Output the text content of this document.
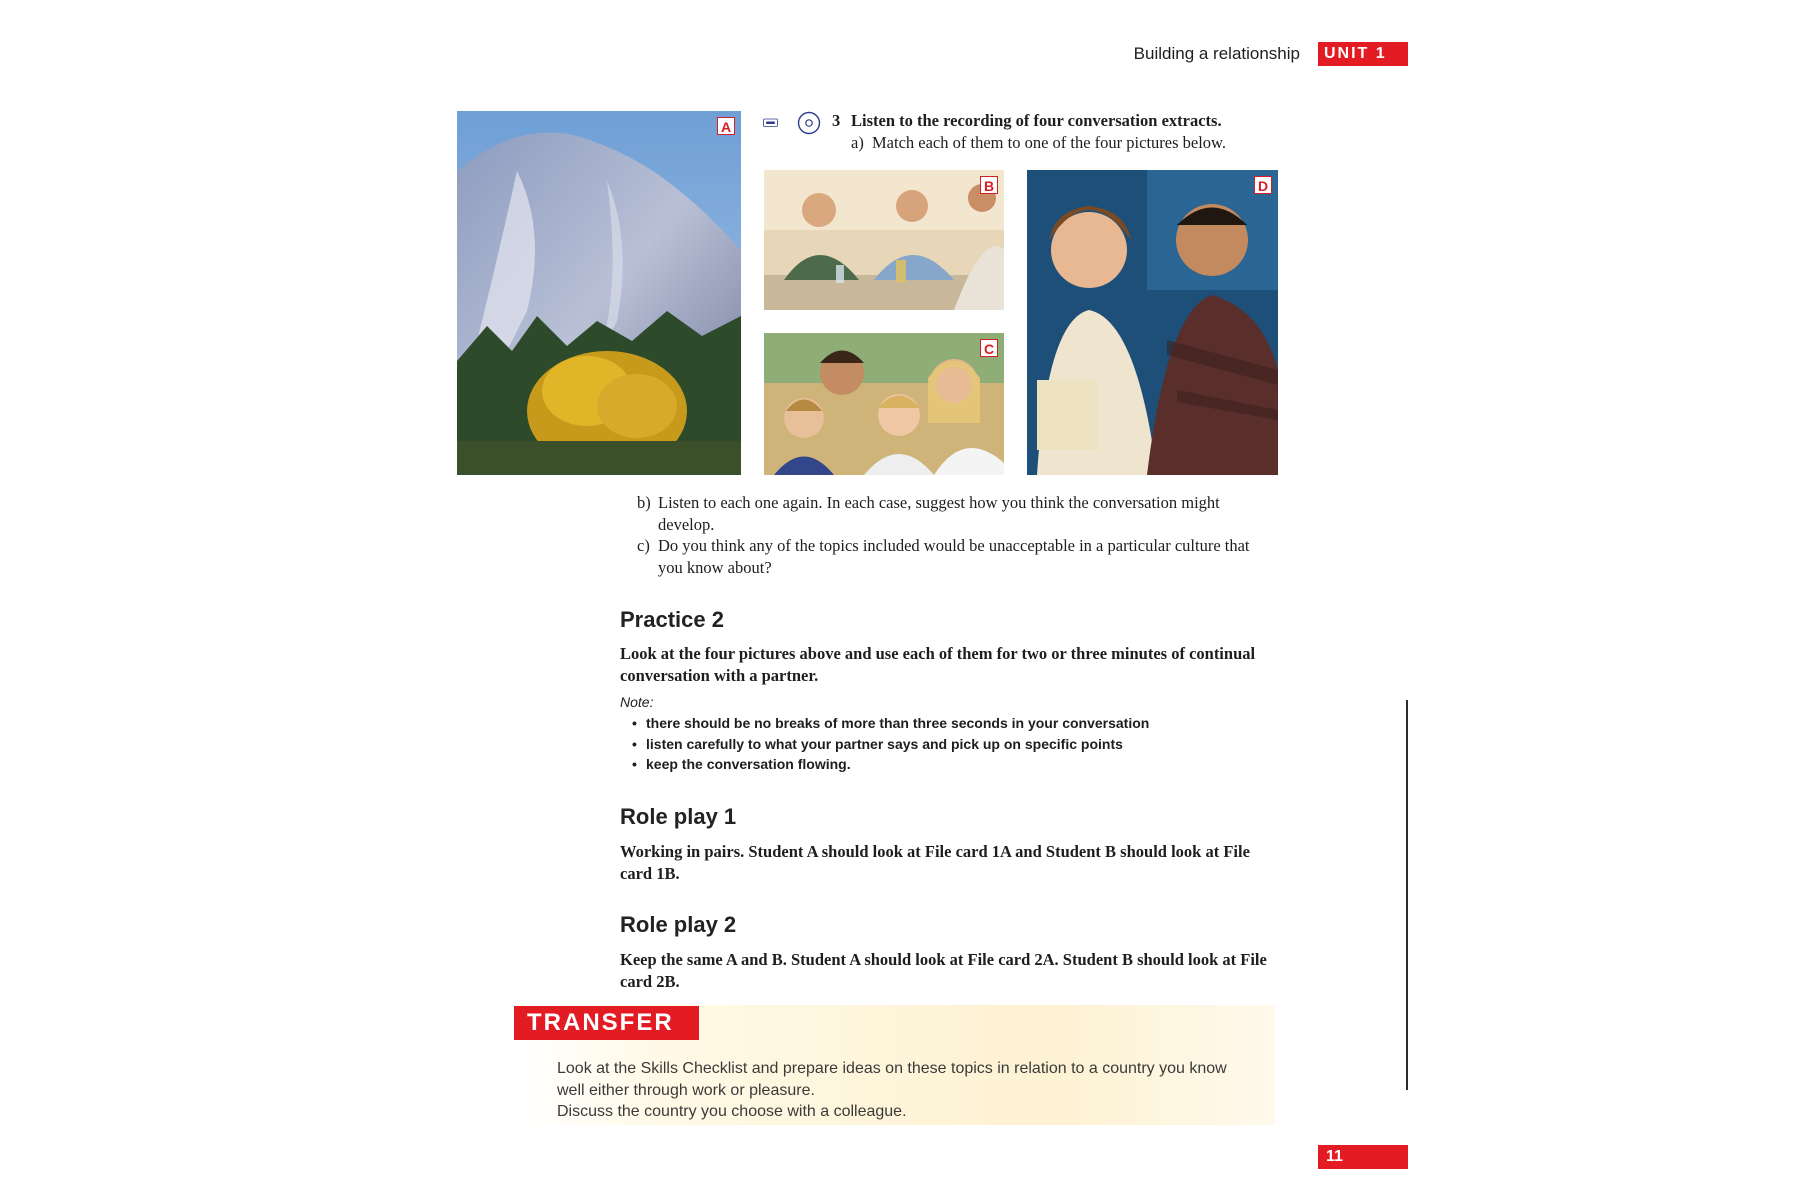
Building a relationship	UNIT 1
A
B
C
D
3 Listen to the recording of four conversation extracts.
a) Match each of them to one of the four pictures below.
b) Listen to each one again. In each case, suggest how you think the conversation might develop.
c) Do you think any of the topics included would be unacceptable in a particular culture that you know about?
Practice 2
Look at the four pictures above and use each of them for two or three minutes of continual conversation with a partner.
Note:
• there should be no breaks of more than three seconds in your conversation
• listen carefully to what your partner says and pick up on specific points
• keep the conversation flowing.
Role play 1
Working in pairs. Student A should look at File card 1A and Student B should look at File card 1B.
Role play 2
Keep the same A and B. Student A should look at File card 2A. Student B should look at File card 2B.
TRANSFER
Look at the Skills Checklist and prepare ideas on these topics in relation to a country you know well either through work or pleasure.
Discuss the country you choose with a colleague.
11
